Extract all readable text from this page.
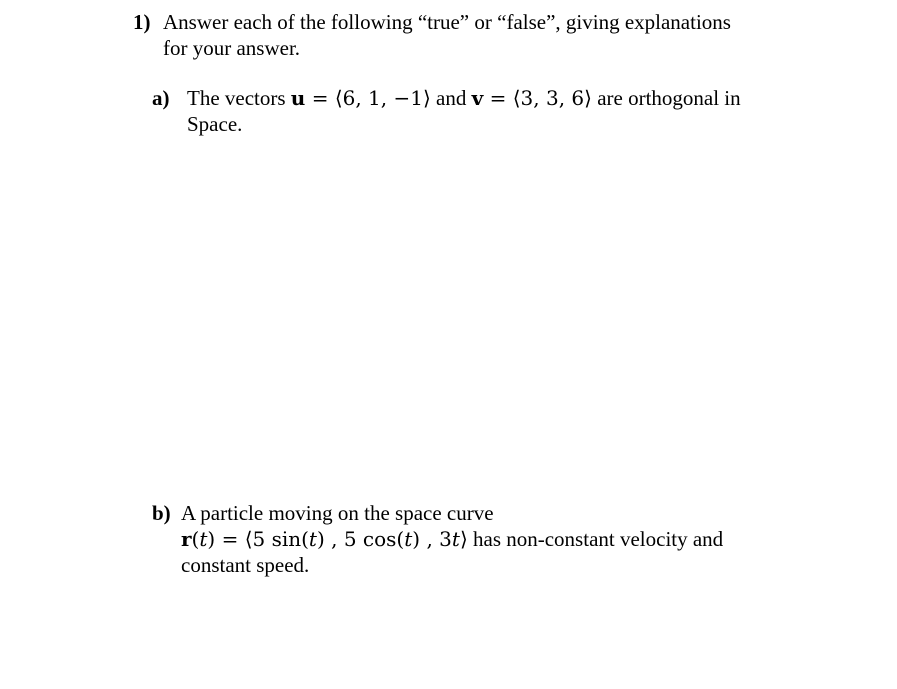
1) Answer each of the following “true” or “false”, giving explanations
for your answer.
a) The vectors u = ⟨6, 1, −1⟩ and v = ⟨3, 3, 6⟩ are orthogonal in
Space.
b) A particle moving on the space curve
r(t) = ⟨5 sin(t) , 5 cos(t) , 3t⟩ has non-constant velocity and
constant speed.
